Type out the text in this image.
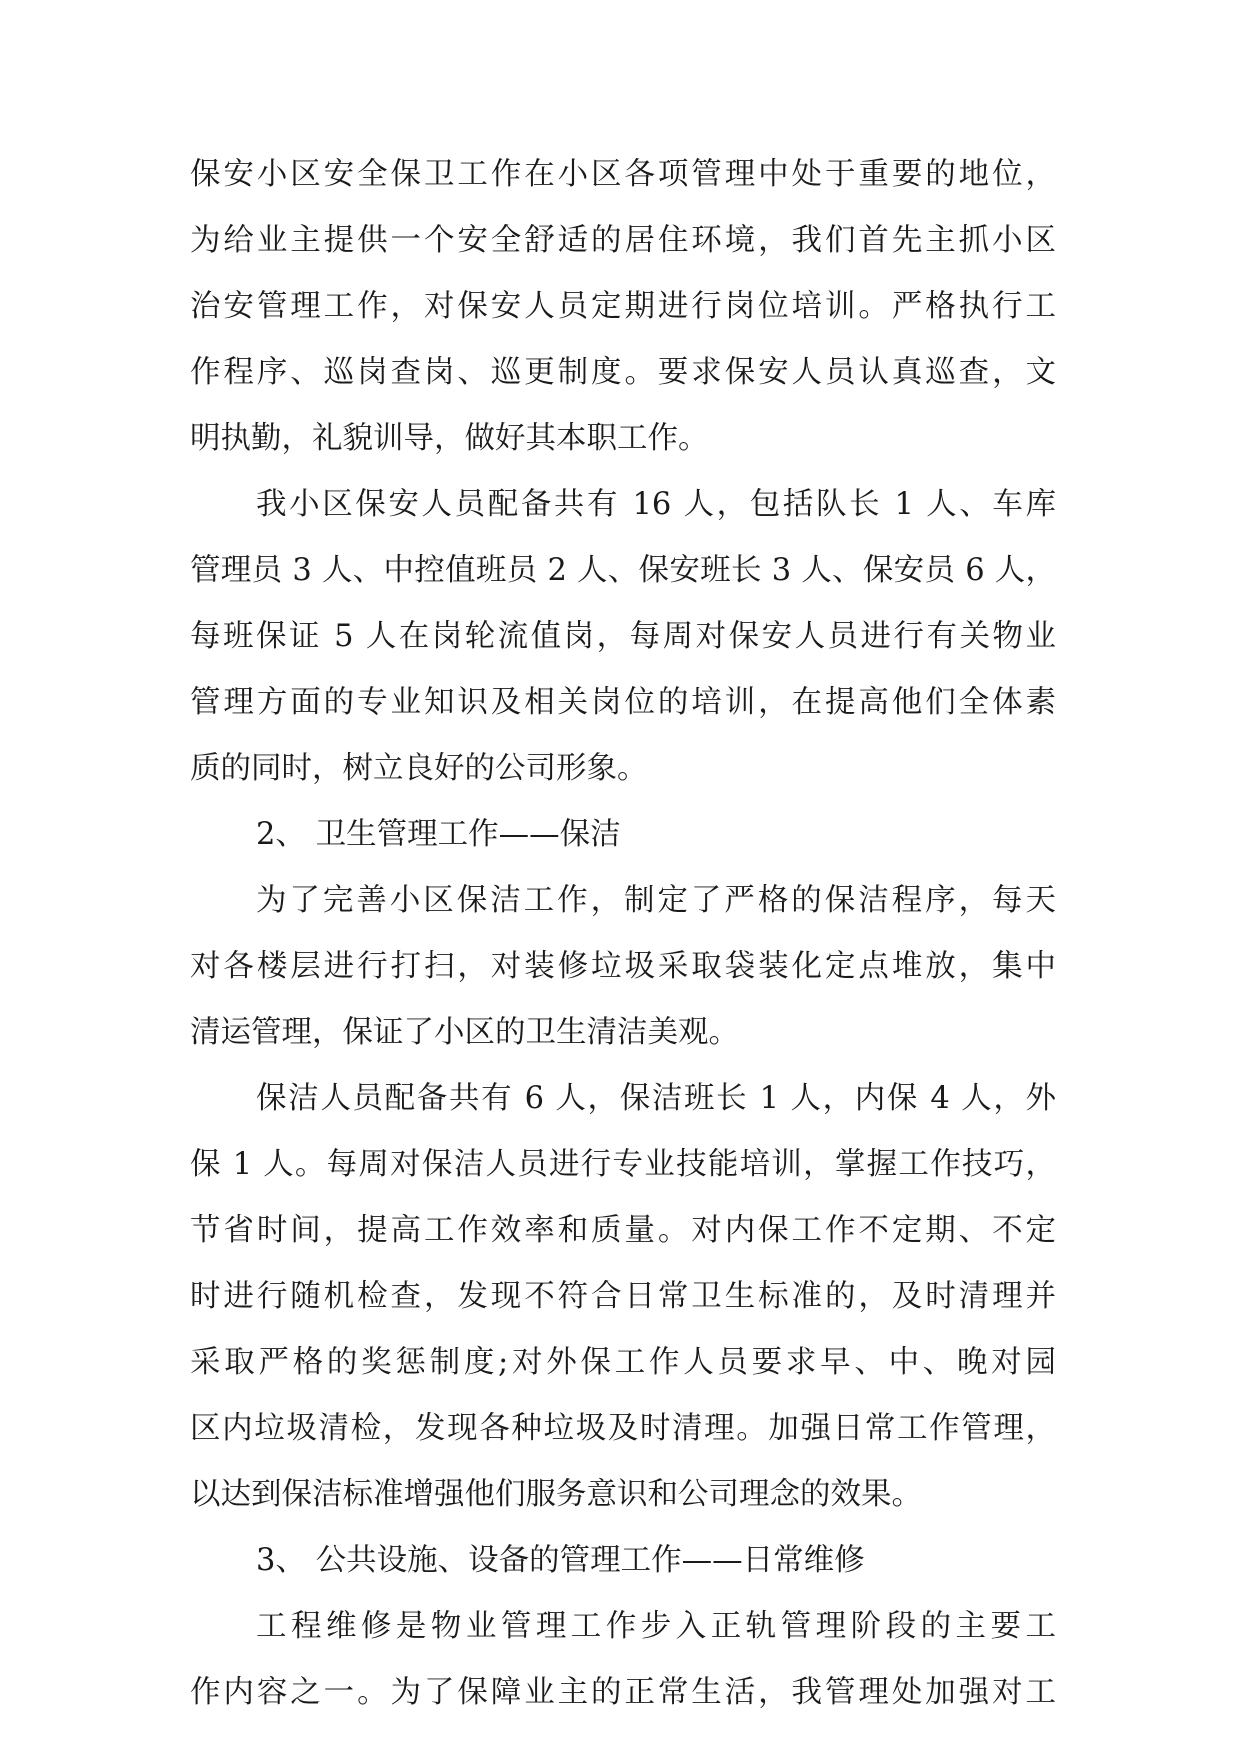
保安小区安全保卫工作在小区各项管理中处于重要的地位，
为给业主提供一个安全舒适的居住环境，我们首先主抓小区
治安管理工作，对保安人员定期进行岗位培训。严格执行工
作程序、巡岗查岗、巡更制度。要求保安人员认真巡查，文
明执勤，礼貌训导，做好其本职工作。
我小区保安人员配备共有 16 人，包括队长 1 人、车库
管理员 3 人、中控值班员 2 人、保安班长 3 人、保安员 6 人，
每班保证 5 人在岗轮流值岗，每周对保安人员进行有关物业
管理方面的专业知识及相关岗位的培训，在提高他们全体素
质的同时，树立良好的公司形象。
2、 卫生管理工作——保洁
为了完善小区保洁工作，制定了严格的保洁程序，每天
对各楼层进行打扫，对装修垃圾采取袋装化定点堆放，集中
清运管理，保证了小区的卫生清洁美观。
保洁人员配备共有 6 人，保洁班长 1 人，内保 4 人，外
保 1 人。每周对保洁人员进行专业技能培训，掌握工作技巧，
节省时间，提高工作效率和质量。对内保工作不定期、不定
时进行随机检查，发现不符合日常卫生标准的，及时清理并
采取严格的奖惩制度;对外保工作人员要求早、中、晚对园
区内垃圾清检，发现各种垃圾及时清理。加强日常工作管理，
以达到保洁标准增强他们服务意识和公司理念的效果。
3、 公共设施、设备的管理工作——日常维修
工程维修是物业管理工作步入正轨管理阶段的主要工
作内容之一。为了保障业主的正常生活，我管理处加强对工
